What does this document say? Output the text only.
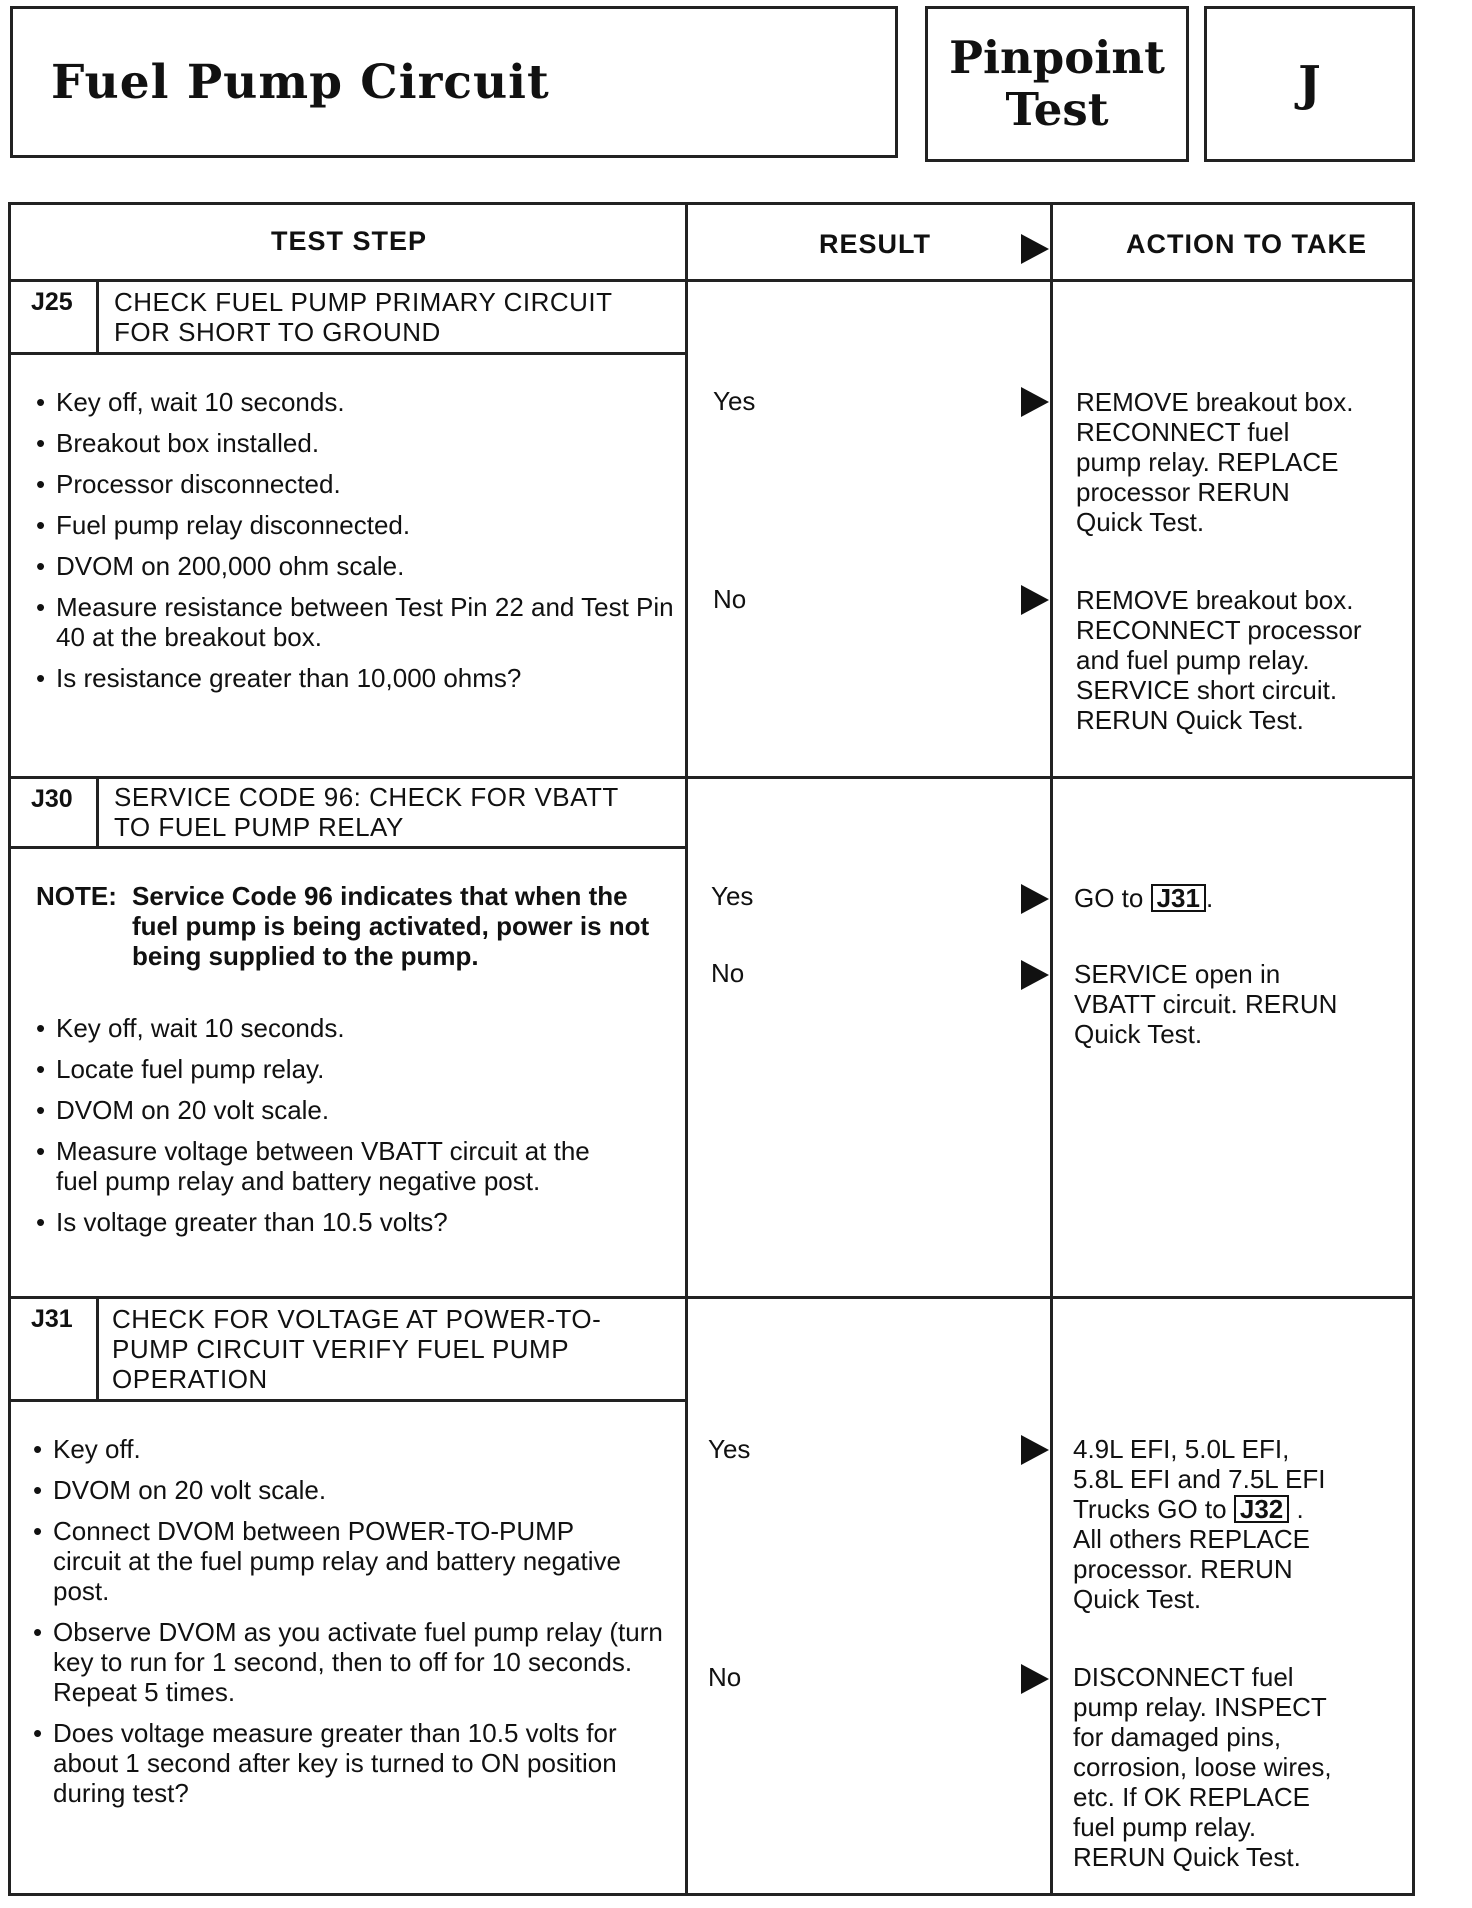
Fuel Pump Circuit	Pinpoint
Test	J
TEST STEP	RESULT	ACTION TO TAKE
J25 CHECK FUEL PUMP PRIMARY CIRCUIT
FOR SHORT TO GROUND
• Key off, wait 10 seconds.
• Breakout box installed.
• Processor disconnected.
• Fuel pump relay disconnected.
• DVOM on 200,000 ohm scale.
• Measure resistance between Test Pin 22 and Test Pin 40 at the breakout box.
• Is resistance greater than 10,000 ohms?
Yes	REMOVE breakout box.
RECONNECT fuel
pump relay. REPLACE
processor RERUN
Quick Test.
No	REMOVE breakout box.
RECONNECT processor
and fuel pump relay.
SERVICE short circuit.
RERUN Quick Test.
J30 SERVICE CODE 96: CHECK FOR VBATT
TO FUEL PUMP RELAY
NOTE: Service Code 96 indicates that when the fuel pump is being activated, power is not being supplied to the pump.
• Key off, wait 10 seconds.
• Locate fuel pump relay.
• DVOM on 20 volt scale.
• Measure voltage between VBATT circuit at the fuel pump relay and battery negative post.
• Is voltage greater than 10.5 volts?
Yes	GO to J31 .
No	SERVICE open in
VBATT circuit. RERUN
Quick Test.
J31 CHECK FOR VOLTAGE AT POWER-TO-
PUMP CIRCUIT VERIFY FUEL PUMP
OPERATION
• Key off.
• DVOM on 20 volt scale.
• Connect DVOM between POWER-TO-PUMP circuit at the fuel pump relay and battery negative post.
• Observe DVOM as you activate fuel pump relay (turn key to run for 1 second, then to off for 10 seconds. Repeat 5 times.
• Does voltage measure greater than 10.5 volts for about 1 second after key is turned to ON position during test?
Yes	4.9L EFI, 5.0L EFI,
5.8L EFI and 7.5L EFI
Trucks GO to J32 .
All others REPLACE
processor. RERUN
Quick Test.
No	DISCONNECT fuel
pump relay. INSPECT
for damaged pins,
corrosion, loose wires,
etc. If OK REPLACE
fuel pump relay.
RERUN Quick Test.
